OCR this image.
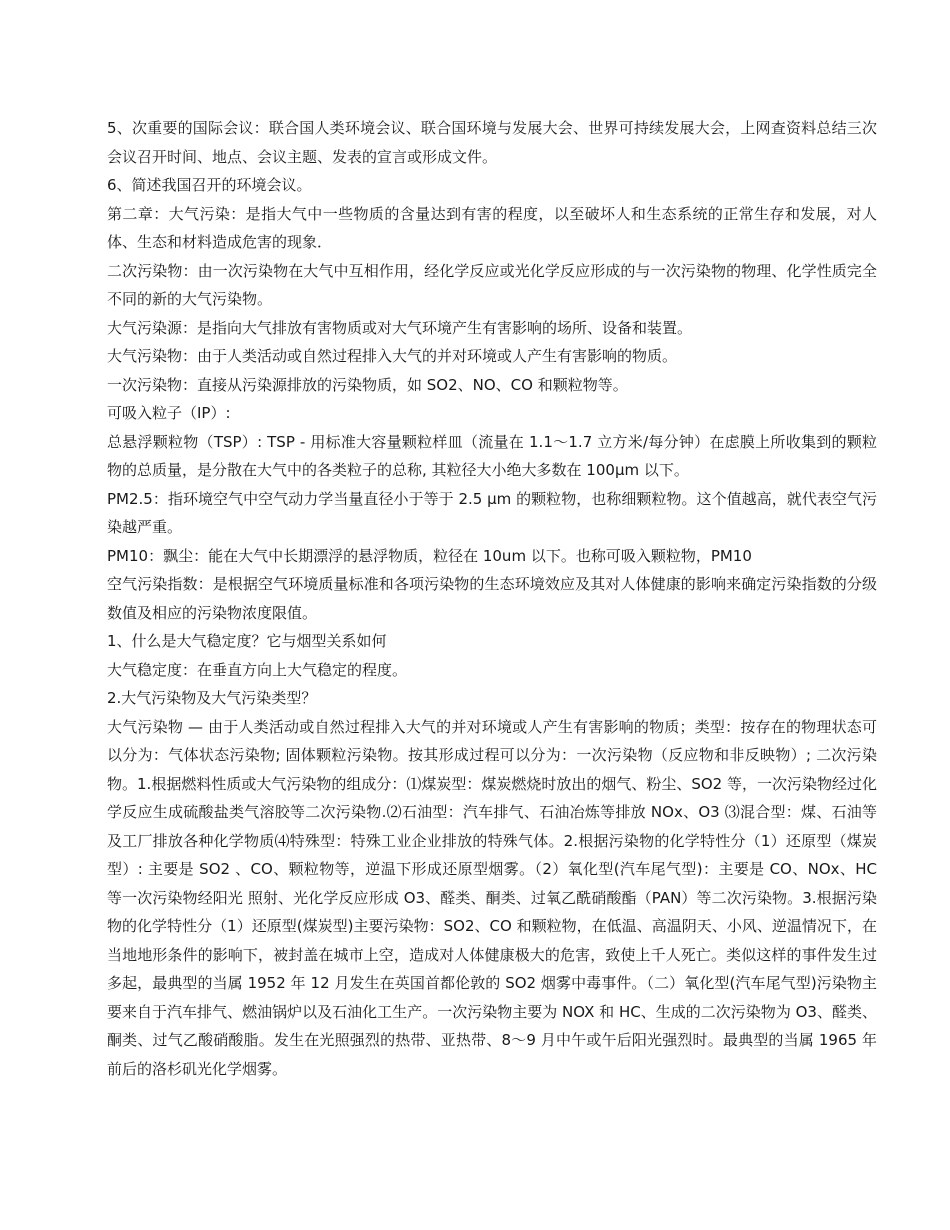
5、次重要的国际会议：联合国人类环境会议、联合国环境与发展大会、世界可持续发展大会，上网查资料总结三次会议召开时间、地点、会议主题、发表的宣言或形成文件。

6、简述我国召开的环境会议。

第二章：大气污染：是指大气中一些物质的含量达到有害的程度，以至破坏人和生态系统的正常生存和发展，对人体、生态和材料造成危害的现象．

二次污染物：由一次污染物在大气中互相作用，经化学反应或光化学反应形成的与一次污染物的物理、化学性质完全不同的新的大气污染物。

大气污染源：是指向大气排放有害物质或对大气环境产生有害影响的场所、设备和装置。

大气污染物：由于人类活动或自然过程排入大气的并对环境或人产生有害影响的物质。

一次污染物：直接从污染源排放的污染物质，如 SO2、NO、CO 和颗粒物等。

可吸入粒子（IP）:

总悬浮颗粒物（TSP）: TSP - 用标准大容量颗粒样皿（流量在 1.1～1.7 立方米/每分钟）在虑膜上所收集到的颗粒物的总质量，是分散在大气中的各类粒子的总称, 其粒径大小绝大多数在 100μm 以下。

PM2.5：指环境空气中空气动力学当量直径小于等于 2.5 μm 的颗粒物，也称细颗粒物。这个值越高，就代表空气污染越严重。

PM10：飘尘：能在大气中长期漂浮的悬浮物质，粒径在 10um 以下。也称可吸入颗粒物，PM10

空气污染指数：是根据空气环境质量标准和各项污染物的生态环境效应及其对人体健康的影响来确定污染指数的分级数值及相应的污染物浓度限值。

1、什么是大气稳定度？它与烟型关系如何

大气稳定度：在垂直方向上大气稳定的程度。

2.大气污染物及大气污染类型？

大气污染物 — 由于人类活动或自然过程排入大气的并对环境或人产生有害影响的物质；类型：按存在的物理状态可以分为：气体状态污染物; 固体颗粒污染物。按其形成过程可以分为：一次污染物（反应物和非反映物）; 二次污染物。1.根据燃料性质或大气污染物的组成分：⑴煤炭型：煤炭燃烧时放出的烟气、粉尘、SO2 等，一次污染物经过化学反应生成硫酸盐类气溶胶等二次污染物.⑵石油型：汽车排气、石油冶炼等排放 NOx、O3 ⑶混合型：煤、石油等及工厂排放各种化学物质⑷特殊型：特殊工业企业排放的特殊气体。2.根据污染物的化学特性分（1）还原型（煤炭型）: 主要是 SO2 、CO、颗粒物等，逆温下形成还原型烟雾。（2）氧化型(汽车尾气型)：主要是 CO、NOx、HC 等一次污染物经阳光 照射、光化学反应形成 O3、醛类、酮类、过氧乙酰硝酸酯（PAN）等二次污染物。3.根据污染物的化学特性分（1）还原型(煤炭型)主要污染物：SO2、CO 和颗粒物，在低温、高温阴天、小风、逆温情况下，在当地地形条件的影响下，被封盖在城市上空，造成对人体健康极大的危害，致使上千人死亡。类似这样的事件发生过多起，最典型的当属 1952 年 12 月发生在英国首都伦敦的 SO2 烟雾中毒事件。（二）氧化型(汽车尾气型)污染物主要来自于汽车排气、燃油锅炉以及石油化工生产。一次污染物主要为 NOX 和 HC、生成的二次污染物为 O3、醛类、酮类、过气乙酸硝酸脂。发生在光照强烈的热带、亚热带、8～9 月中午或午后阳光强烈时。最典型的当属 1965 年前后的洛杉矶光化学烟雾。
